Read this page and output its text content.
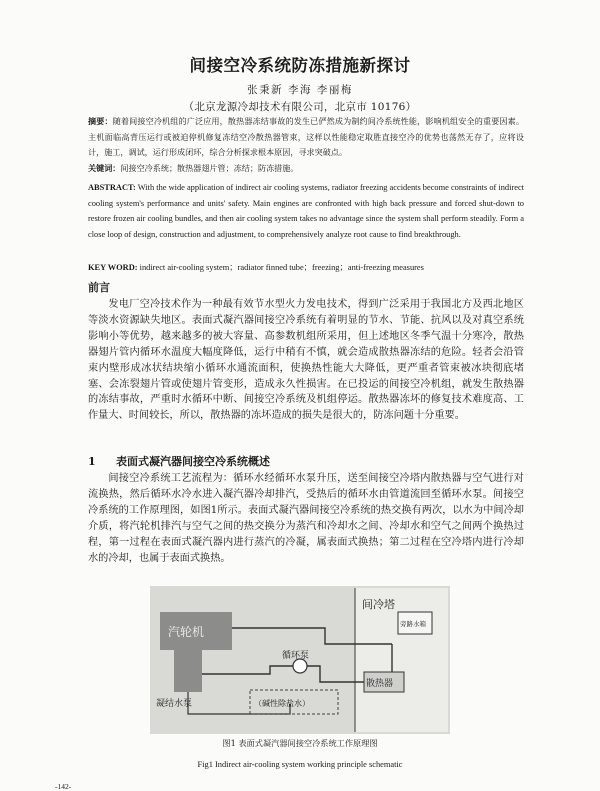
间接空冷系统防冻措施新探讨
张秉新 李海 李丽梅
（北京龙源冷却技术有限公司，北京市 10176）
摘要：随着间接空冷机组的广泛应用，散热器冻结事故的发生已俨然成为制约间冷系统性能，影响机组安全的重要因素。主机面临高背压运行或被迫停机修复冻结空冷散热器管束，这样以性能稳定取胜直接空冷的优势也荡然无存了，应将设计，施工，调试，运行形成闭环，综合分析探求根本原因，寻求突破点。
关键词：间接空冷系统；散热器翅片管；冻结；防冻措施。
ABSTRACT: With the wide application of indirect air cooling systems, radiator freezing accidents become constraints of indirect cooling system's performance and units' safety. Main engines are confronted with high back pressure and forced shut-down to restore frozen air cooling bundles, and then air cooling system takes no advantage since the system shall perform steadily. Form a close loop of design, construction and adjustment, to comprehensively analyze root cause to find breakthrough.
KEY WORD: indirect air-cooling system；radiator finned tube；freezing；anti-freezing measures
前言
发电厂空冷技术作为一种最有效节水型火力发电技术，得到广泛采用于我国北方及西北地区等淡水资源缺失地区。表面式凝汽器间接空冷系统有着明显的节水、节能、抗风以及对真空系统影响小等优势，越来越多的被大容量、高参数机组所采用，但上述地区冬季气温十分寒冷，散热器翅片管内循环水温度大幅度降低，运行中稍有不慎，就会造成散热器冻结的危险。轻者会沿管束内壁形成冰状结块缩小循环水通流面积，使换热性能大大降低，更严重者管束被冰块彻底堵塞、会冻裂翅片管或使翅片管变形，造成永久性损害。在已投运的间接空冷机组，就发生散热器的冻结事故，严重时水循环中断、间接空冷系统及机组停运。散热器冻坏的修复技术难度高、工作量大、时间较长，所以，散热器的冻坏造成的损失是很大的，防冻问题十分重要。
1 表面式凝汽器间接空冷系统概述
间接空冷系统工艺流程为：循环水经循环水泵升压，送至间接空冷塔内散热器与空气进行对流换热，然后循环水冷水进入凝汽器冷却排汽，受热后的循环水由管道流回至循环水泵。间接空冷系统的工作原理图，如图1所示。表面式凝汽器间接空冷系统的热交换有两次，以水为中间冷却介质，将汽轮机排汽与空气之间的热交换分为蒸汽和冷却水之间、冷却水和空气之间两个换热过程，第一过程在表面式凝汽器内进行蒸汽的冷凝，属表面式换热；第二过程在空冷塔内进行冷却水的冷却，也属于表面式换热。
汽轮机
间冷塔
旁路水箱
循环泵
散热器
（碱性除盐水）
凝结水泵
图1 表面式凝汽器间接空冷系统工作原理图
Fig1 Indirect air-cooling system working principle schematic
-142-
